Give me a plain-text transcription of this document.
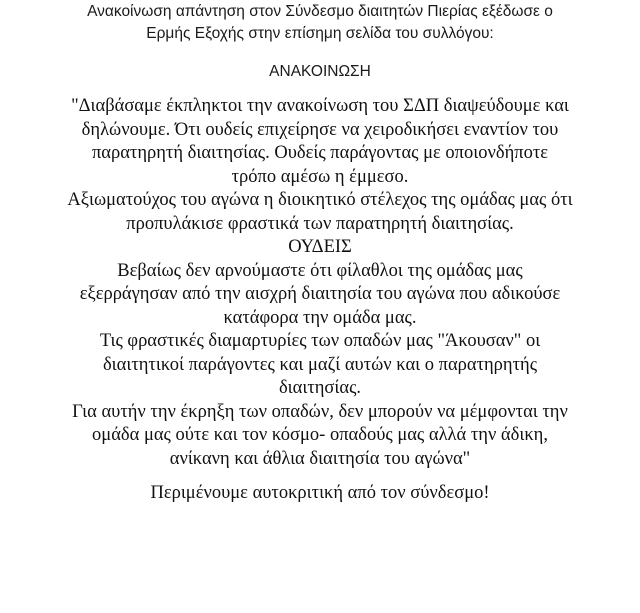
Ανακοίνωση απάντηση στον Σύνδεσμο διαιτητών Πιερίας εξέδωσε ο
Ερμής Εξοχής στην επίσημη σελίδα του συλλόγου:

ΑΝΑΚΟΙΝΩΣΗ

"Διαβάσαμε έκπληκτοι την ανακοίνωση του ΣΔΠ διαψεύδουμε και
δηλώνουμε. Ότι ουδείς επιχείρησε να χειροδικήσει εναντίον του
παρατηρητή διαιτησίας. Ουδείς παράγοντας με οποιονδήποτε
τρόπο αμέσω η έμμεσο.
Αξιωματούχος του αγώνα η διοικητικό στέλεχος της ομάδας μας ότι
προπυλάκισε φραστικά των παρατηρητή διαιτησίας.
ΟΥΔΕΙΣ
Βεβαίως δεν αρνούμαστε ότι φίλαθλοι της ομάδας μας
εξερράγησαν από την αισχρή διαιτησία του αγώνα που αδικούσε
κατάφορα την ομάδα μας.
Τις φραστικές διαμαρτυρίες των οπαδών μας "Άκουσαν" οι
διαιτητικοί παράγοντες και μαζί αυτών και ο παρατηρητής
διαιτησίας.
Για αυτήν την έκρηξη των οπαδών, δεν μπορούν να μέμφονται την
ομάδα μας ούτε και τον κόσμο- οπαδούς μας αλλά την άδικη,
ανίκανη και άθλια διαιτησία του αγώνα"

Περιμένουμε αυτοκριτική από τον σύνδεσμο!
